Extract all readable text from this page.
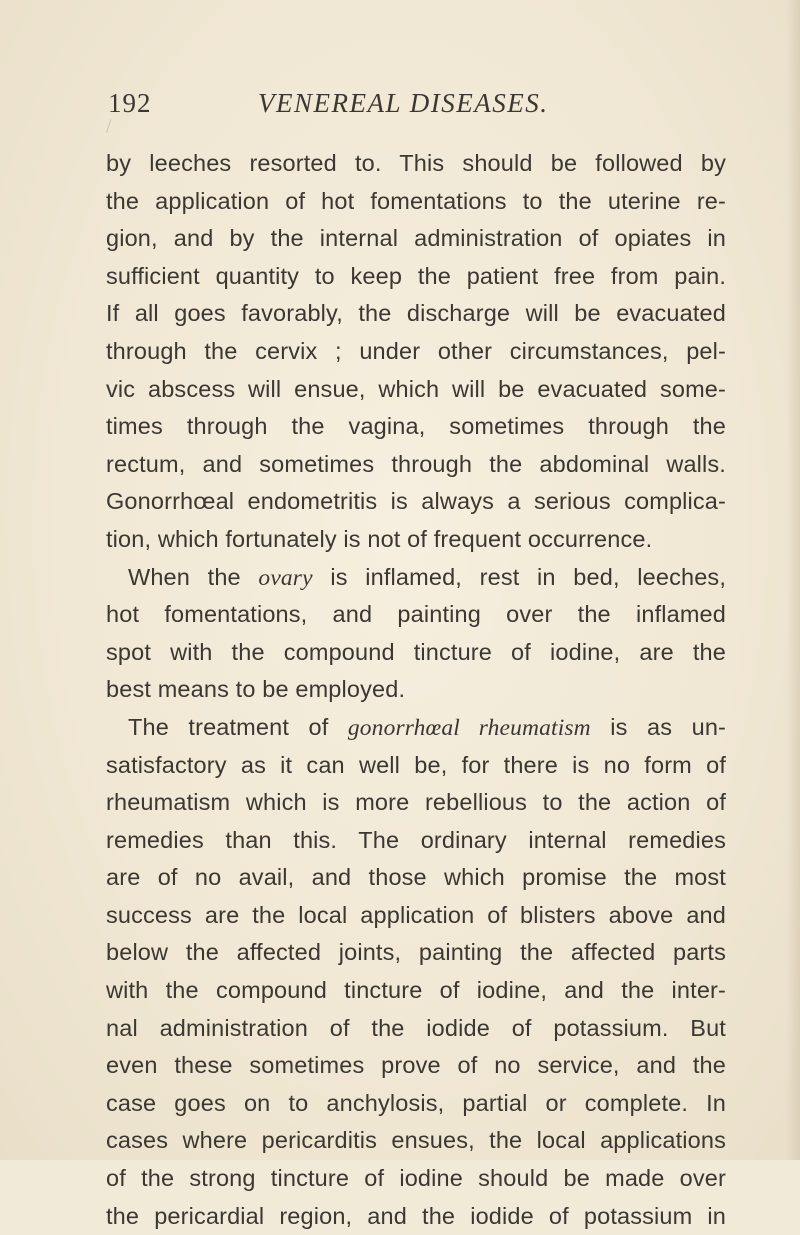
192	VENEREAL DISEASES.
by leeches resorted to. This should be followed by
the application of hot fomentations to the uterine re-
gion, and by the internal administration of opiates in
sufficient quantity to keep the patient free from pain.
If all goes favorably, the discharge will be evacuated
through the cervix ; under other circumstances, pel-
vic abscess will ensue, which will be evacuated some-
times through the vagina, sometimes through the
rectum, and sometimes through the abdominal walls.
Gonorrhœal endometritis is always a serious complica-
tion, which fortunately is not of frequent occurrence.
When the ovary is inflamed, rest in bed, leeches,
hot fomentations, and painting over the inflamed
spot with the compound tincture of iodine, are the
best means to be employed.
The treatment of gonorrhœal rheumatism is as un-
satisfactory as it can well be, for there is no form of
rheumatism which is more rebellious to the action of
remedies than this. The ordinary internal remedies
are of no avail, and those which promise the most
success are the local application of blisters above and
below the affected joints, painting the affected parts
with the compound tincture of iodine, and the inter-
nal administration of the iodide of potassium. But
even these sometimes prove of no service, and the
case goes on to anchylosis, partial or complete. In
cases where pericarditis ensues, the local applications
of the strong tincture of iodine should be made over
the pericardial region, and the iodide of potassium in
